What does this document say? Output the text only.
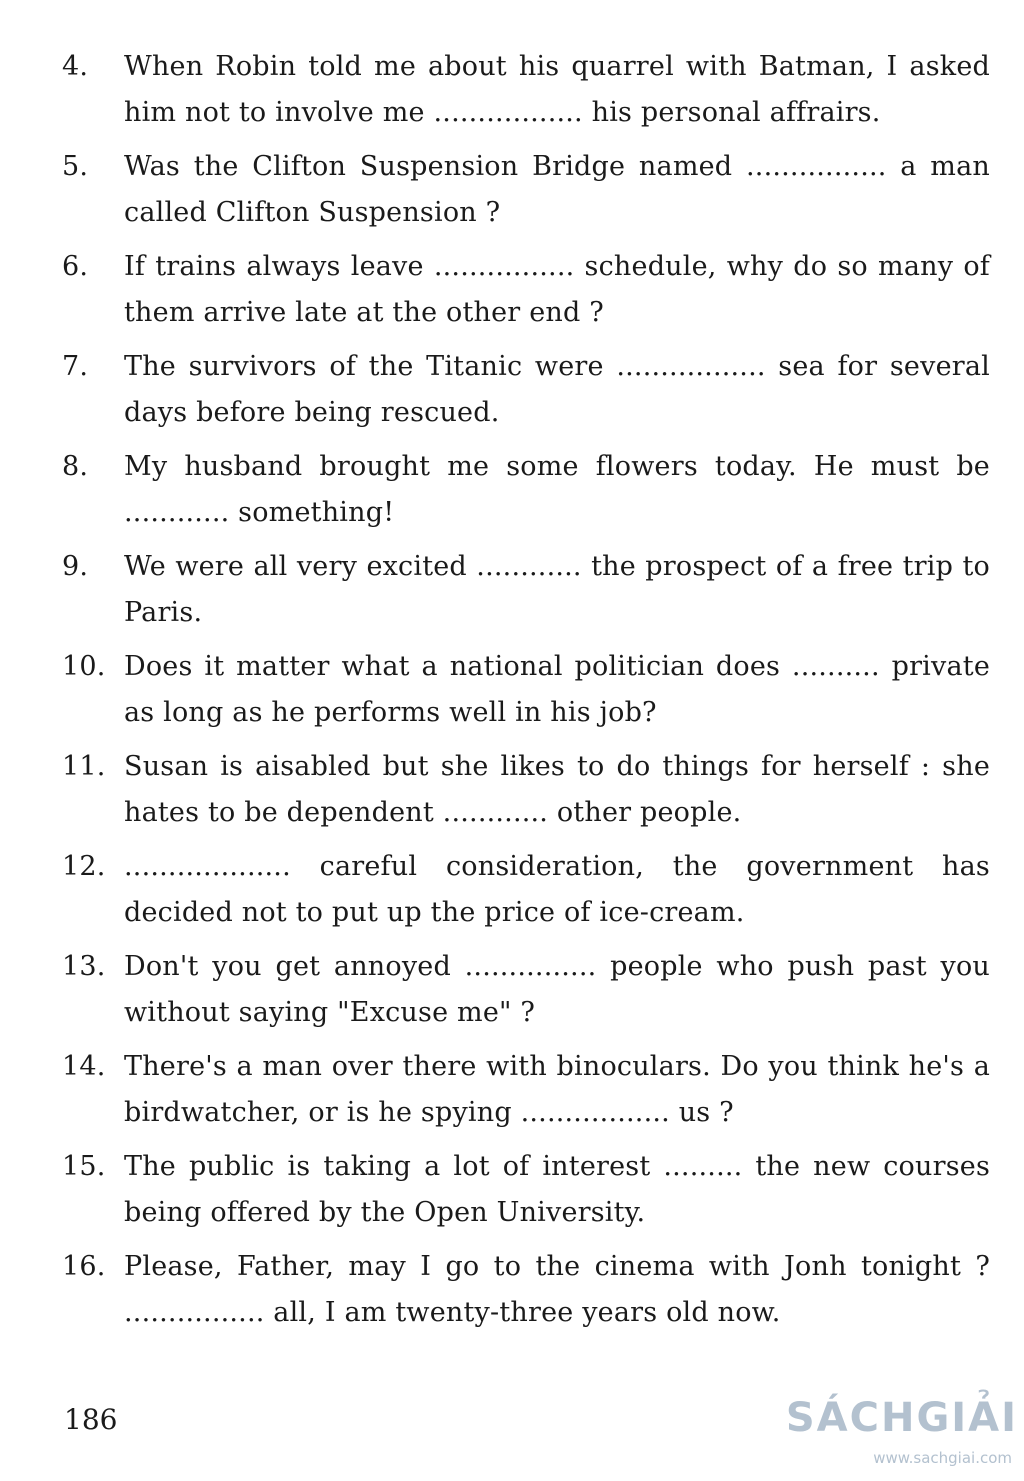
4.	When Robin told me about his quarrel with Batman, I asked him not to involve me ................. his personal affrairs.
5.	Was the Clifton Suspension Bridge named ................ a man called Clifton Suspension ?
6.	If trains always leave ................ schedule, why do so many of them arrive late at the other end ?
7.	The survivors of the Titanic were ................. sea for several days before being rescued.
8.	My husband brought me some flowers today. He must be ............ something!
9.	We were all very excited ............ the prospect of a free trip to Paris.
10. Does it matter what a national politician does .......... private as long as he performs well in his job?
11. Susan is aisabled but she likes to do things for herself : she hates to be dependent ............ other people.
12. ................... careful consideration, the government has decided not to put up the price of ice-cream.
13. Don't you get annoyed ............... people who push past you without saying "Excuse me" ?
14. There's a man over there with binoculars. Do you think he's a birdwatcher, or is he spying ................. us ?
15. The public is taking a lot of interest ......... the new courses being offered by the Open University.
16. Please, Father, may I go to the cinema with Jonh tonight ? ................ all, I am twenty-three years old now.
186	SÁCHGIẢI
www.sachgiai.com
